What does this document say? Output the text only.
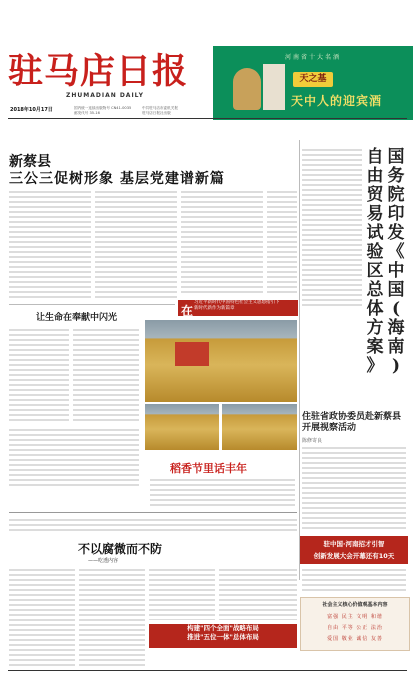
驻马店日报
ZHUMADIAN DAILY
2018年10月17日	国内统一连续出版物号 CN41-0035
邮发代号 35-16
中共驻马店市委机关报
驻马店日报社出版
河南省十大名酒
天之基
天中人的迎宾酒
新蔡县
三公三促树形象 基层党建谱新篇
国
务
院
印
发
《
中
国
(
海
南
)
自
由
贸
易
试
验
区
总
体
方
案
》
习近平新时代中国特色社会主义思想指引下
新时代新作为新篇章
在
让生命在奉献中闪光
稻香节里话丰年
住驻省政协委员赴新蔡县开展视察活动
陈修寄良
不以腐微而不防
——吃透内容
构建"四个全面"战略布局
推进"五位一体"总体布局
驻中国·河南招才引智
创新发展大会开幕还有10天
社会主义核心价值观基本内容
富强 民主 文明 和谐
自由 平等 公正 法治
爱国 敬业 诚信 友善
